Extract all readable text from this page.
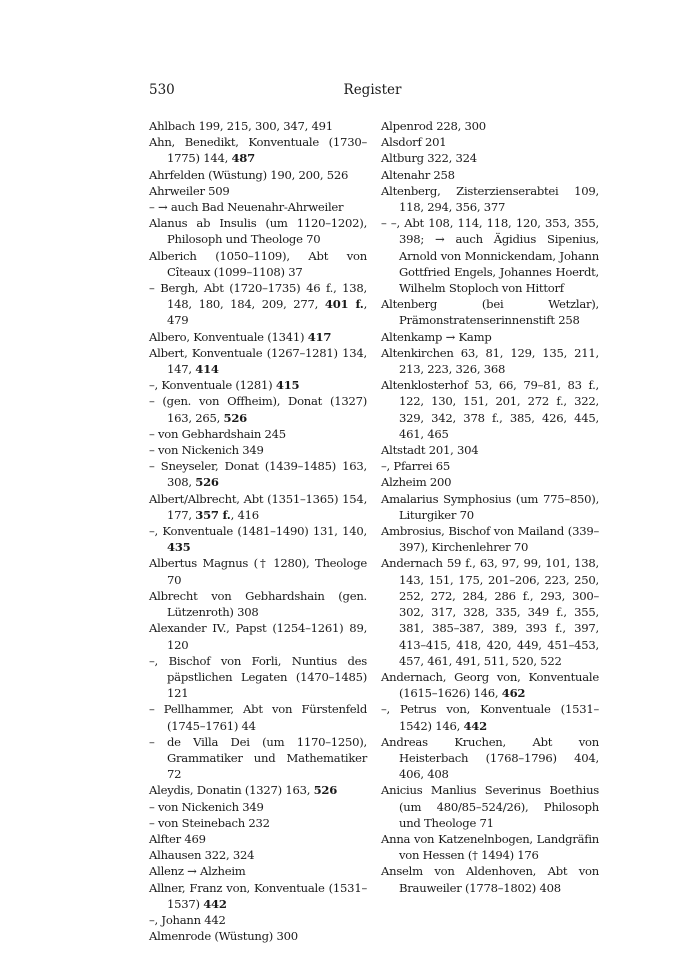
530	Register
Ahlbach 199, 215, 300, 347, 491
Ahn, Benedikt, Konventuale (1730–1775) 144, 487
Ahrfelden (Wüstung) 190, 200, 526
Ahrweiler 509
– → auch Bad Neuenahr-Ahrweiler
Alanus ab Insulis (um 1120–1202), Philosoph und Theologe 70
Alberich (1050–1109), Abt von Cîteaux (1099–1108) 37
– Bergh, Abt (1720–1735) 46 f., 138, 148, 180, 184, 209, 277, 401 f., 479
Albero, Konventuale (1341) 417
Albert, Konventuale (1267–1281) 134, 147, 414
–, Konventuale (1281) 415
– (gen. von Offheim), Donat (1327) 163, 265, 526
– von Gebhardshain 245
– von Nickenich 349
– Sneyseler, Donat (1439–1485) 163, 308, 526
Albert/Albrecht, Abt (1351–1365) 154, 177, 357 f., 416
–, Konventuale (1481–1490) 131, 140, 435
Albertus Magnus († 1280), Theologe 70
Albrecht von Gebhardshain (gen. Lützenroth) 308
Alexander IV., Papst (1254–1261) 89, 120
–, Bischof von Forli, Nuntius des päpstlichen Legaten (1470–1485) 121
– Pellhammer, Abt von Fürstenfeld (1745–1761) 44
– de Villa Dei (um 1170–1250), Grammatiker und Mathematiker 72
Aleydis, Donatin (1327) 163, 526
– von Nickenich 349
– von Steinebach 232
Alfter 469
Alhausen 322, 324
Allenz → Alzheim
Allner, Franz von, Konventuale (1531–1537) 442
–, Johann 442
Almenrode (Wüstung) 300
Alpenrod 228, 300
Alsdorf 201
Altburg 322, 324
Altenahr 258
Altenberg, Zisterzienserabtei 109, 118, 294, 356, 377
– –, Abt 108, 114, 118, 120, 353, 355, 398; → auch Ägidius Sipenius, Arnold von Monnickendam, Johann Gottfried Engels, Johannes Hoerdt, Wilhelm Stoploch von Hittorf
Altenberg (bei Wetzlar), Prämonstratenserinnenstift 258
Altenkamp → Kamp
Altenkirchen 63, 81, 129, 135, 211, 213, 223, 326, 368
Altenklosterhof 53, 66, 79–81, 83 f., 122, 130, 151, 201, 272 f., 322, 329, 342, 378 f., 385, 426, 445, 461, 465
Altstadt 201, 304
–, Pfarrei 65
Alzheim 200
Amalarius Symphosius (um 775–850), Liturgiker 70
Ambrosius, Bischof von Mailand (339–397), Kirchenlehrer 70
Andernach 59 f., 63, 97, 99, 101, 138, 143, 151, 175, 201–206, 223, 250, 252, 272, 284, 286 f., 293, 300–302, 317, 328, 335, 349 f., 355, 381, 385–387, 389, 393 f., 397, 413–415, 418, 420, 449, 451–453, 457, 461, 491, 511, 520, 522
Andernach, Georg von, Konventuale (1615–1626) 146, 462
–, Petrus von, Konventuale (1531–1542) 146, 442
Andreas Kruchen, Abt von Heisterbach (1768–1796) 404, 406, 408
Anicius Manlius Severinus Boethius (um 480/85–524/26), Philosoph und Theologe 71
Anna von Katzenelnbogen, Landgräfin von Hessen († 1494) 176
Anselm von Aldenhoven, Abt von Brauweiler (1778–1802) 408
